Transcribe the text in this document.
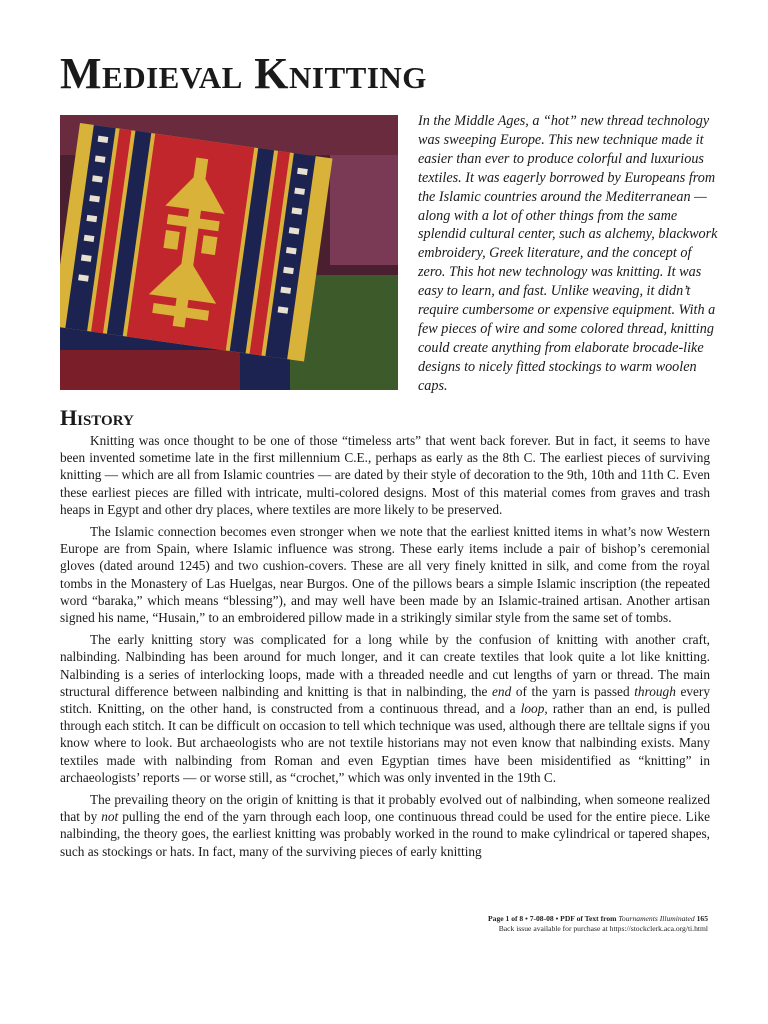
Medieval Knitting

In the Middle Ages, a “hot” new thread technology was sweeping Europe. This new technique made it easier than ever to produce colorful and luxurious textiles. It was eagerly borrowed by Europeans from the Islamic countries around the Mediterranean — along with a lot of other things from the same splendid cultural center, such as alchemy, blackwork embroidery, Greek literature, and the concept of zero. This hot new technology was knitting. It was easy to learn, and fast. Unlike weaving, it didn’t require cumbersome or expensive equipment. With a few pieces of wire and some colored thread, knitting could create anything from elaborate brocade-like designs to nicely fitted stockings to warm woolen caps.

History

Knitting was once thought to be one of those “timeless arts” that went back forever. But in fact, it seems to have been invented sometime late in the first millennium C.E., perhaps as early as the 8th C. The earliest pieces of surviving knitting — which are all from Islamic countries — are dated by their style of decoration to the 9th, 10th and 11th C. Even these earliest pieces are filled with intricate, multi-colored designs. Most of this material comes from graves and trash heaps in Egypt and other dry places, where textiles are more likely to be preserved.

The Islamic connection becomes even stronger when we note that the earliest knitted items in what’s now Western Europe are from Spain, where Islamic influence was strong. These early items include a pair of bishop’s ceremonial gloves (dated around 1245) and two cushion-covers. These are all very finely knitted in silk, and come from the royal tombs in the Monastery of Las Huelgas, near Burgos. One of the pillows bears a simple Islamic inscription (the repeated word “baraka,” which means “blessing”), and may well have been made by an Islamic-trained artisan. Another artisan signed his name, “Husain,” to an embroidered pillow made in a strikingly similar style from the same set of tombs.

The early knitting story was complicated for a long while by the confusion of knitting with another craft, nalbinding. Nalbinding has been around for much longer, and it can create textiles that look quite a lot like knitting. Nalbinding is a series of interlocking loops, made with a threaded needle and cut lengths of yarn or thread. The main structural difference between nalbinding and knitting is that in nalbinding, the end of the yarn is passed through every stitch. Knitting, on the other hand, is constructed from a continuous thread, and a loop, rather than an end, is pulled through each stitch. It can be difficult on occasion to tell which technique was used, although there are telltale signs if you know where to look. But archaeologists who are not textile historians may not even know that nalbinding exists. Many textiles made with nalbinding from Roman and even Egyptian times have been misidentified as “knitting” in archaeologists’ reports — or worse still, as “crochet,” which was only invented in the 19th C.

The prevailing theory on the origin of knitting is that it probably evolved out of nalbinding, when someone realized that by not pulling the end of the yarn through each loop, one continuous thread could be used for the entire piece. Like nalbinding, the theory goes, the earliest knitting was probably worked in the round to make cylindrical or tapered shapes, such as stockings or hats. In fact, many of the surviving pieces of early knitting

Page 1 of 8 • 7-08-08 • PDF of Text from Tournaments Illuminated 165
Back issue available for purchase at https://stockclerk.aca.org/ti.html
